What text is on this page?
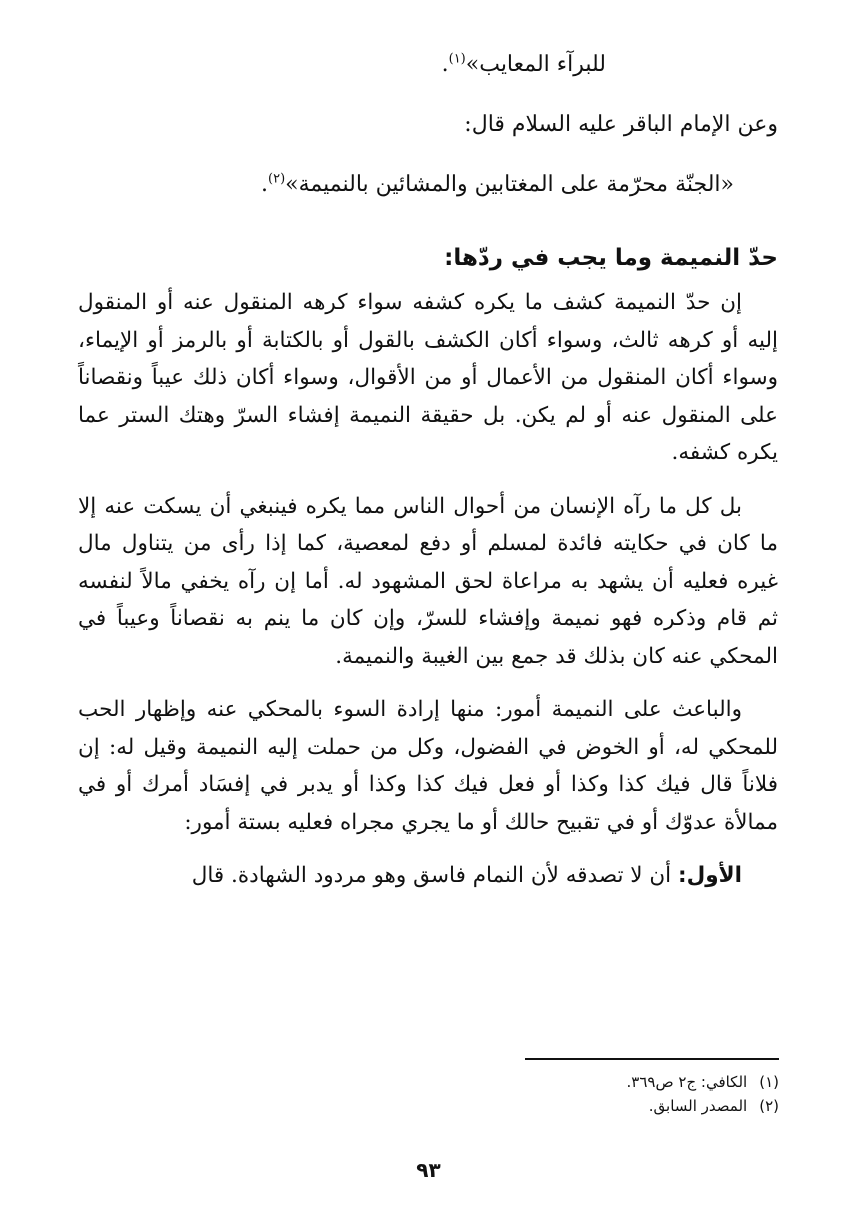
للبرآء المعايب»$^{(١)}$.

وعن الإمام الباقر عليه السلام قال:

«الجنّة محرّمة على المغتابين والمشائين بالنميمة»$^{(٢)}$.

حدّ النميمة وما يجب في ردّها:

إن حدّ النميمة كشف ما يكره كشفه سواء كرهه المنقول عنه أو المنقول إليه أو كرهه ثالث، وسواء أكان الكشف بالقول أو بالكتابة أو بالرمز أو الإيماء، وسواء أكان المنقول من الأعمال أو من الأقوال، وسواء أكان ذلك عيباً ونقصاناً على المنقول عنه أو لم يكن. بل حقيقة النميمة إفشاء السرّ وهتك الستر عما يكره كشفه.

بل كل ما رآه الإنسان من أحوال الناس مما يكره فينبغي أن يسكت عنه إلا ما كان في حكايته فائدة لمسلم أو دفع لمعصية، كما إذا رأى من يتناول مال غيره فعليه أن يشهد به مراعاة لحق المشهود له. أما إن رآه يخفي مالاً لنفسه ثم قام وذكره فهو نميمة وإفشاء للسرّ، وإن كان ما ينم به نقصاناً وعيباً في المحكي عنه كان بذلك قد جمع بين الغيبة والنميمة.

والباعث على النميمة أمور: منها إرادة السوء بالمحكي عنه وإظهار الحب للمحكي له، أو الخوض في الفضول، وكل من حملت إليه النميمة وقيل له: إن فلاناً قال فيك كذا وكذا أو فعل فيك كذا وكذا أو يدبر في إفسَاد أمرك أو في ممالأة عدوّك أو في تقبيح حالك أو ما يجري مجراه فعليه بستة أمور:

الأول: أن لا تصدقه لأن النمام فاسق وهو مردود الشهادة. قال

(١)الكافي: ج٢ ص٣٦٩.
(٢)المصدر السابق.
٩٣
